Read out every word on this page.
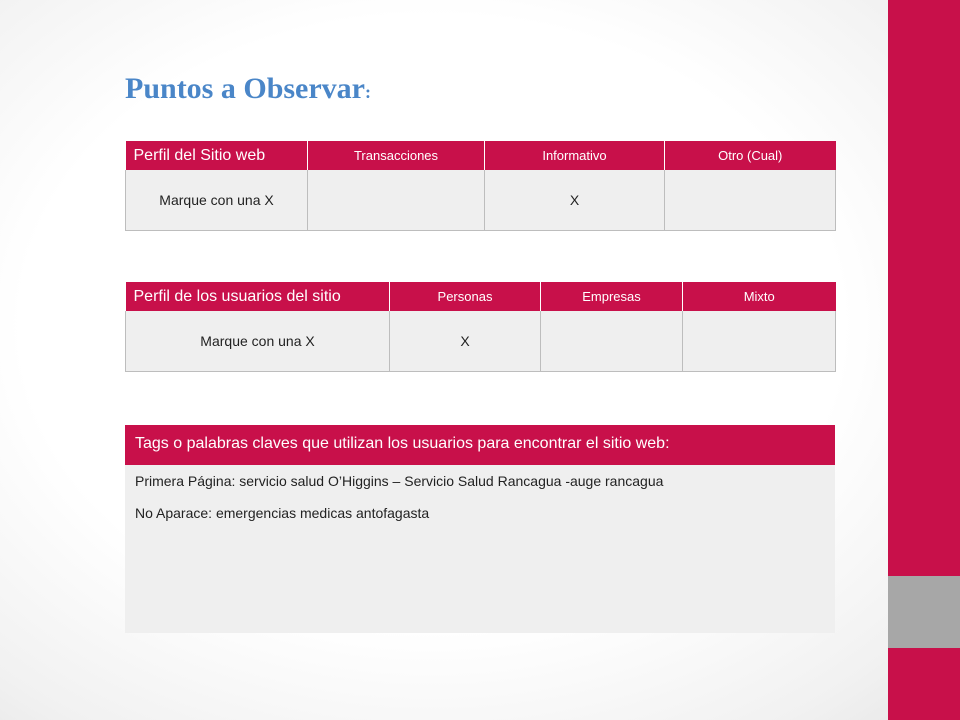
Puntos a Observar:
Perfil del Sitio web	Transacciones	Informativo	Otro (Cual)
Marque con una X		X	
Perfil de los usuarios del sitio	Personas	Empresas	Mixto
Marque con una X	X		
Tags o palabras claves que utilizan los usuarios para encontrar el sitio web:
Primera Página: servicio salud O’Higgins – Servicio Salud Rancagua -auge rancagua
No Aparace: emergencias medicas antofagasta
